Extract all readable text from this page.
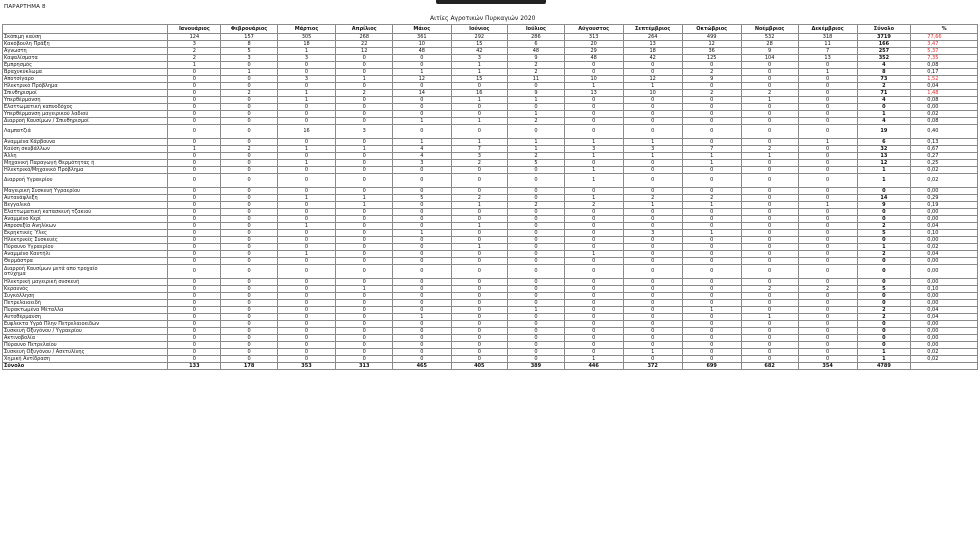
ΠΑΡΑΡΤΗΜΑ 8
Αιτίες Αγροτικών Πυρκαγιών 2020
	Ιανουάριος	Φεβρουάριος	Μάρτιος	Απρίλιος	Μάιος	Ιούνιος	Ιούλιος	Αύγουστος	Σεπτέμβριος	Οκτώβριος	Νοέμβριος	Δεκέμβριος	Σύνολο	%
Σκόπιμη καύση	124	157	305	268	361	292	286	313	264	499	532	318	3719	77,66
Κακόβουλη Πράξη	3	8	18	22	10	15	6	20	13	12	28	11	166	3,47
Αγνωστη	2	5	1	12	48	42	48	29	18	36	9	7	257	5,37
Καψαλίσματα	2	3	3	0	0	3	9	48	42	125	104	13	352	7,35
Εμπρησμός	1	0	0	0	0	1	2	0	0	0	0	0	4	0,08
Βραχυκύκλωμα	0	1	0	0	1	1	2	0	0	2	0	1	8	0,17
Αποτσίγαρο	0	0	3	1	12	15	11	10	12	9	0	0	73	1,52
Ηλεκτρικό Πρόβλημα	0	0	0	0	0	0	0	1	1	0	0	0	2	0,04
Σπινθηρισμοί	0	2	1	2	14	16	9	13	10	2	2	0	71	1,48
Υπερθέρμανση	0	0	1	0	0	1	1	0	0	0	1	0	4	0,08
Ελαττωματική καπνοδόχος	0	0	0	0	0	0	0	0	0	0	0	0	0	0,00
Υπερθέρμανση μαγειρικού λαδιού	0	0	0	0	0	0	1	0	0	0	0	0	1	0,02
Διαρροή Καυσίμων / Σπινθηρισμοί	0	0	0	0	1	1	2	0	0	0	0	0	4	0,08
Λαμπατζιά	0	0	16	3	0	0	0	0	0	0	0	0	19	0,40
Αναμμένα Κάρβουνα	0	0	0	0	1	1	1	1	1	0	0	1	6	0,13
Καύση σκυβάλλων	1	2	1	1	4	7	1	3	3	7	2	0	32	0,67
Άλλη	0	0	0	0	4	3	2	1	1	1	1	0	13	0,27
Μηχανική Παραγωγή Θερμότητας ή	0	0	1	0	3	2	5	0	0	1	0	0	12	0,25
Ηλεκτρικό/Μηχανικό Πρόβλημα	0	0	0	0	0	0	0	1	0	0	0	0	1	0,02
Διαρροή Υγραερίου	0	0	0	0	0	0	0	1	0	0	0	0	1	0,02
Μαγειρική Συσκευή Υγραερίου	0	0	0	0	0	0	0	0	0	0	0	0	0	0,00
Αυτανάφλεξη	0	0	1	1	5	2	0	1	2	2	0	0	14	0,29
Βεγγαλικά	0	0	0	1	0	1	2	2	1	1	0	1	9	0,19
Ελαττωματική κατασκευή τζακιού	0	0	0	0	0	0	0	0	0	0	0	0	0	0,00
Αναμμένο Κερί	0	0	0	0	0	0	0	0	0	0	0	0	0	0,00
Απροσεξία Ανηλίκων	0	0	1	0	0	1	0	0	0	0	0	0	2	0,04
Εκρηκτικές Ύλες	0	0	0	0	1	0	0	0	3	1	0	0	5	0,10
Ηλεκτρικές Συσκευές	0	0	0	0	0	0	0	0	0	0	0	0	0	0,00
Πύραυνο Υγραερίου	0	0	0	0	0	1	0	0	0	0	0	0	1	0,02
Αναμμένο Καντήλι	0	0	1	0	0	0	0	1	0	0	0	0	2	0,04
Θερμάστρα	0	0	0	0	0	0	0	0	0	0	0	0	0	0,00

Διαρροή Καυσίμων μετά απο τροχαίο
ατύχημα	0	0	0	0	0	0	0	0	0	0	0	0	0	0,00
Ηλεκτρική μαγειρική συσκευή	0	0	0	0	0	0	0	0	0	0	0	0	0	0,00
Κεραυνός	0	0	0	1	0	0	0	0	0	0	2	2	5	0,10
Συγκόλληση	0	0	0	0	0	0	0	0	0	0	0	0	0	0,00
Πετρελαιοειδή	0	0	0	0	0	0	0	0	0	0	0	0	0	0,00
Πυρακτωμένα Μέταλλα	0	0	0	0	0	0	1	0	0	1	0	0	2	0,04
Αυτοθέρμανση	0	0	0	0	1	0	0	0	0	0	1	0	2	0,04
Ευφλεκτα Υγρά Πλην Πετρελαιοειδών	0	0	0	0	0	0	0	0	0	0	0	0	0	0,00
Συσκευή Οξυγόνου / Υγραερίου	0	0	0	0	0	0	0	0	0	0	0	0	0	0,00
Ακτινοβολία	0	0	0	0	0	0	0	0	0	0	0	0	0	0,00
Πύραυνο Πετρελαίου	0	0	0	0	0	0	0	0	0	0	0	0	0	0,00
Συσκευή Οξυγόνου / Ασετυλίνης	0	0	0	0	0	0	0	0	1	0	0	0	1	0,02
Χημική Αντίδραση	0	0	0	0	0	0	0	1	0	0	0	0	1	0,02
Σύνολο	133	178	353	313	465	405	389	446	372	699	682	354	4789	
